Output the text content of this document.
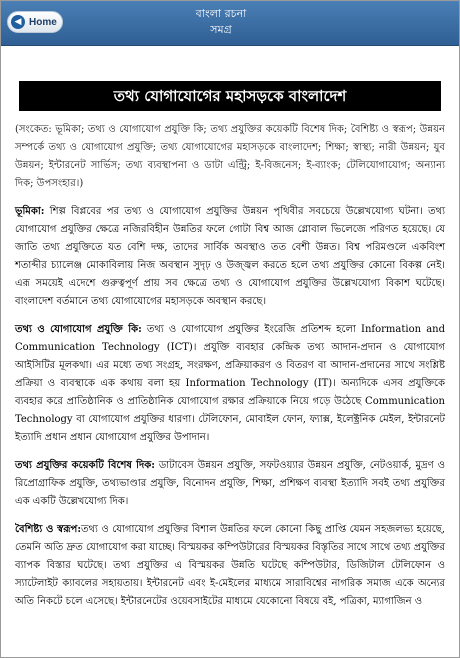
◀ Home
বাংলা রচনা
সমগ্র
তথ্য যোগাযোগের মহাসড়কে বাংলাদেশ

(সংকেত: ভূমিকা; তথ্য ও যোগাযোগ প্রযুক্তি কি; তথ্য প্রযুক্তির কয়েকটি বিশেষ দিক; বৈশিষ্ট্য ও স্বরূপ; উন্নয়ন সম্পর্কে তথ্য ও যোগাযোগ প্রযুক্তি; তথ্য যোগাযোগের মহাসড়কে বাংলাদেশ; শিক্ষা; স্বাস্থ্য; নারী উন্নয়ন; যুব উন্নয়ন; ইন্টারনেট সার্ভিস; তথ্য ব্যবস্থাপনা ও ডাটা এন্ট্রি; ই-বিজনেস; ই-ব্যাংক; টেলিযোগাযোগ; অন্যান্য দিক; উপসংহার।)

ভূমিকা: শিল্প বিপ্লবের পর তথ্য ও যোগাযোগ প্রযুক্তির উন্নয়ন পৃথিবীর সবচেয়ে উল্লেখযোগ্য ঘটনা। তথ্য যোগাযোগ প্রযুক্তির ক্ষেত্রে নজিরবিহীন উন্নতির ফলে গোটা বিশ্ব আজ গ্লোবাল ভিলেজে পরিণত হয়েছে। যে জাতি তথ্য প্রযুক্তিতে যত বেশি দক্ষ, তাদের সার্বিক অবস্থাও তত বেশী উন্নত। বিশ্ব পরিমণ্ডলে একবিংশ শতাব্দীর চ্যালেঞ্জ মোকাবিলায় নিজ অবস্থান সুদৃঢ় ও উজ্জ্বল করতে হলে তথ্য প্রযুক্তির কোনো বিকল্প নেই। এরূ সময়েই এদেশে গুরুত্বপূর্ণ প্রায় সব ক্ষেত্রে তথ্য ও যোগাযোগ প্রযুক্তির উল্লেখযোগ্য বিকাশ ঘটেছে। বাংলাদেশ বর্তমানে তথ্য যোগাযোগের মহাসড়কে অবস্থান করছে।

তথ্য ও যোগাযোগ প্রযুক্তি কি: তথ্য ও যোগাযোগ প্রযুক্তির ইংরেজি প্রতিশব্দ হলো Information and Communication Technology (ICT)। প্রযুক্তি ব্যবহার কেন্দ্রিক তথ্য আদান-প্রদান ও যোগাযোগ আইসিটির মূলকথা। এর মধ্যে তথ্য সংগ্রহ, সংরক্ষণ, প্রক্রিয়াকরণ ও বিতরণ বা আদান-প্রদানের সাথে সংশ্লিষ্ট প্রক্রিয়া ও ব্যবস্থাকে এক কথায় বলা হয় Information Technology (IT)। অন্যদিকে এসব প্রযুক্তিকে ব্যবহার করে প্রাতিষ্ঠানিক ও প্রাতিষ্ঠানিক যোগাযোগ রক্ষার প্রক্রিয়াকে নিয়ে গড়ে উঠেছে Communication Technology বা যোগাযোগ প্রযুক্তির ধারণা। টেলিফোন, মোবাইল ফোন, ফ্যাক্স, ইলেক্ট্রনিক মেইল, ইন্টারনেট ইত্যাদি প্রধান প্রধান যোগাযোগ প্রযুক্তির উপাদান।

তথ্য প্রযুক্তির কয়েকটি বিশেষ দিক: ডাটাবেস উন্নয়ন প্রযুক্তি, সফটওয়্যার উন্নয়ন প্রযুক্তি, নেটওয়ার্ক, মুদ্রণ ও রিপ্রোগ্রাফিক প্রযুক্তি, তথ্যভাণ্ডার প্রযুক্তি, বিনোদন প্রযুক্তি, শিক্ষা, প্রশিক্ষণ ব্যবস্থা ইত্যাদি সবই তথ্য প্রযুক্তির এক একটি উল্লেখযোগ্য দিক।

বৈশিষ্ট্য ও স্বরূপ:তথ্য ও যোগাযোগ প্রযুক্তির বিশাল উন্নতির ফলে কোনো কিছু প্রাপ্তি যেমন সহজলভ্য হয়েছে, তেমনি অতি দ্রুত যোগাযোগ করা যাচ্ছে। বিস্ময়কর কম্পিউটারের বিস্ময়কর বিস্তৃতির সাথে সাথে তথ্য প্রযুক্তির ব্যাপক বিস্তার ঘটেছে। তথ্য প্রযুক্তির এ বিস্ময়কর উন্নতি ঘটেছে কম্পিউটার, ডিজিটাল টেলিফোন ও স্যাটেলাইট ক্যাবলের সহায়তায়। ইন্টারনেট এবং ই-মেইলের মাধ্যমে সারাবিশ্বের নাগরিক সমাজ একে অন্যের অতি নিকটে চলে এসেছে। ইন্টারনেটের ওয়েবসাইটের মাধ্যমে যেকোনো বিষয়ে বই, পত্রিকা, ম্যাগাজিন ও
